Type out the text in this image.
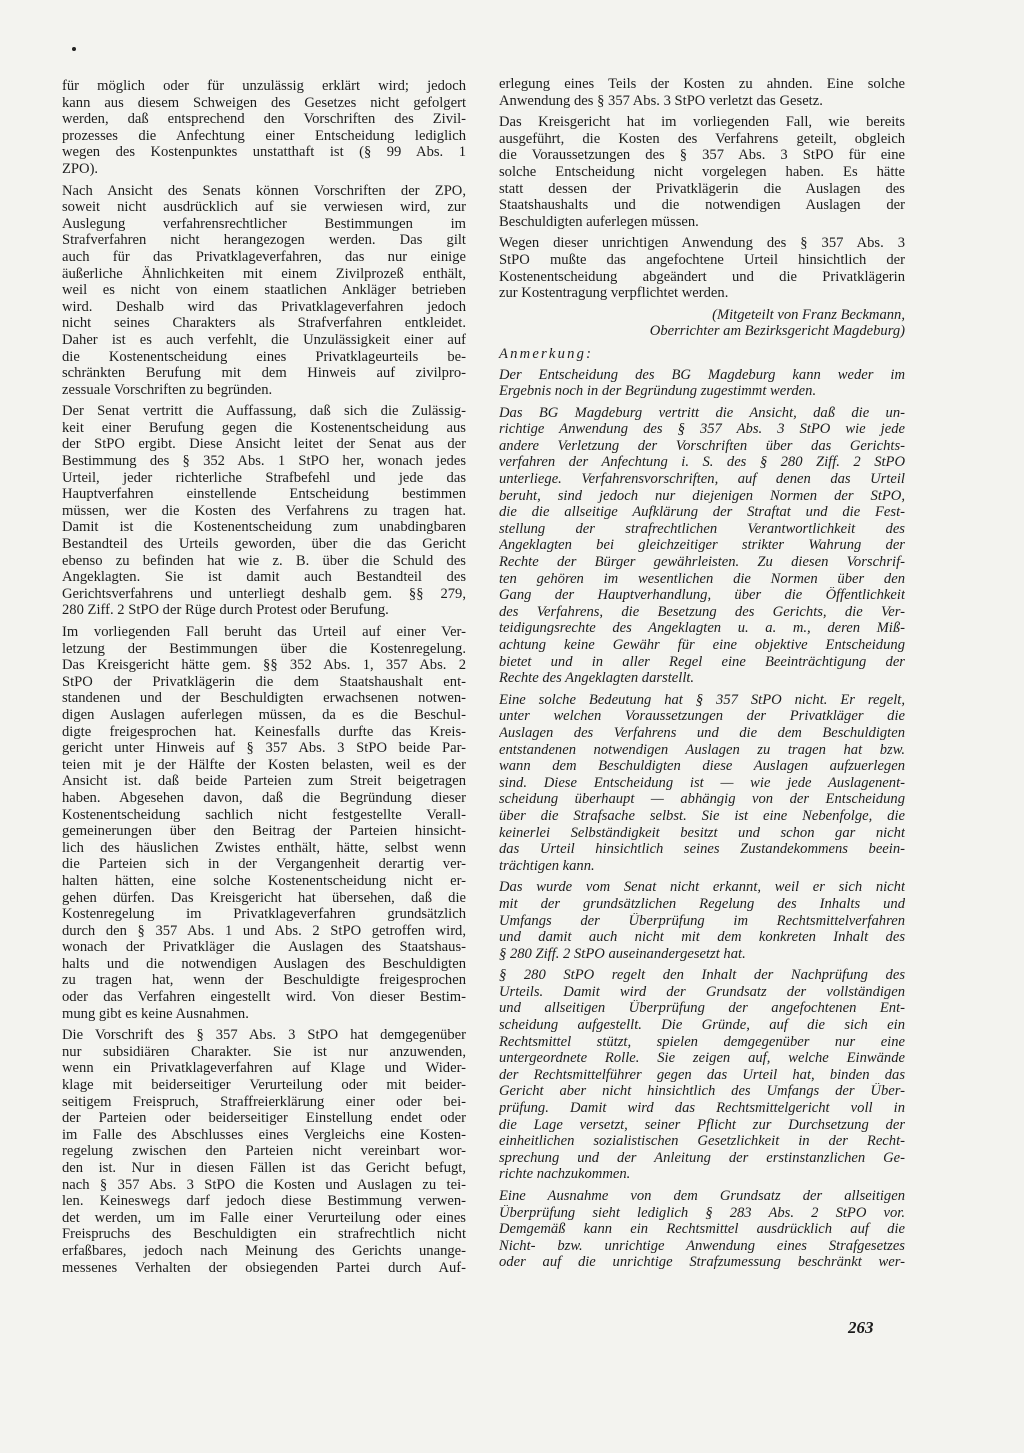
für möglich oder für unzulässig erklärt wird; jedoch
kann aus diesem Schweigen des Gesetzes nicht gefolgert
werden, daß entsprechend den Vorschriften des Zivil-
prozesses die Anfechtung einer Entscheidung lediglich
wegen des Kostenpunktes unstatthaft ist (§ 99 Abs. 1
ZPO).
Nach Ansicht des Senats können Vorschriften der ZPO,
soweit nicht ausdrücklich auf sie verwiesen wird, zur
Auslegung verfahrensrechtlicher Bestimmungen im
Strafverfahren nicht herangezogen werden. Das gilt
auch für das Privatklageverfahren, das nur einige
äußerliche Ähnlichkeiten mit einem Zivilprozeß enthält,
weil es nicht von einem staatlichen Ankläger betrieben
wird. Deshalb wird das Privatklageverfahren jedoch
nicht seines Charakters als Strafverfahren entkleidet.
Daher ist es auch verfehlt, die Unzulässigkeit einer auf
die Kostenentscheidung eines Privatklageurteils be-
schränkten Berufung mit dem Hinweis auf zivilpro-
zessuale Vorschriften zu begründen.
Der Senat vertritt die Auffassung, daß sich die Zulässig-
keit einer Berufung gegen die Kostenentscheidung aus
der StPO ergibt. Diese Ansicht leitet der Senat aus der
Bestimmung des § 352 Abs. 1 StPO her, wonach jedes
Urteil, jeder richterliche Strafbefehl und jede das
Hauptverfahren einstellende Entscheidung bestimmen
müssen, wer die Kosten des Verfahrens zu tragen hat.
Damit ist die Kostenentscheidung zum unabdingbaren
Bestandteil des Urteils geworden, über die das Gericht
ebenso zu befinden hat wie z. B. über die Schuld des
Angeklagten. Sie ist damit auch Bestandteil des
Gerichtsverfahrens und unterliegt deshalb gem. §§ 279,
280 Ziff. 2 StPO der Rüge durch Protest oder Berufung.
Im vorliegenden Fall beruht das Urteil auf einer Ver-
letzung der Bestimmungen über die Kostenregelung.
Das Kreisgericht hätte gem. §§ 352 Abs. 1, 357 Abs. 2
StPO der Privatklägerin die dem Staatshaushalt ent-
standenen und der Beschuldigten erwachsenen notwen-
digen Auslagen auferlegen müssen, da es die Beschul-
digte freigesprochen hat. Keinesfalls durfte das Kreis-
gericht unter Hinweis auf § 357 Abs. 3 StPO beide Par-
teien mit je der Hälfte der Kosten belasten, weil es der
Ansicht ist. daß beide Parteien zum Streit beigetragen
haben. Abgesehen davon, daß die Begründung dieser
Kostenentscheidung sachlich nicht festgestellte Verall-
gemeinerungen über den Beitrag der Parteien hinsicht-
lich des häuslichen Zwistes enthält, hätte, selbst wenn
die Parteien sich in der Vergangenheit derartig ver-
halten hätten, eine solche Kostenentscheidung nicht er-
gehen dürfen. Das Kreisgericht hat übersehen, daß die
Kostenregelung im Privatklageverfahren grundsätzlich
durch den § 357 Abs. 1 und Abs. 2 StPO getroffen wird,
wonach der Privatkläger die Auslagen des Staatshaus-
halts und die notwendigen Auslagen des Beschuldigten
zu tragen hat, wenn der Beschuldigte freigesprochen
oder das Verfahren eingestellt wird. Von dieser Bestim-
mung gibt es keine Ausnahmen.
Die Vorschrift des § 357 Abs. 3 StPO hat demgegenüber
nur subsidiären Charakter. Sie ist nur anzuwenden,
wenn ein Privatklageverfahren auf Klage und Wider-
klage mit beiderseitiger Verurteilung oder mit beider-
seitigem Freispruch, Straffreierklärung einer oder bei-
der Parteien oder beiderseitiger Einstellung endet oder
im Falle des Abschlusses eines Vergleichs eine Kosten-
regelung zwischen den Parteien nicht vereinbart wor-
den ist. Nur in diesen Fällen ist das Gericht befugt,
nach § 357 Abs. 3 StPO die Kosten und Auslagen zu tei-
len. Keineswegs darf jedoch diese Bestimmung verwen-
det werden, um im Falle einer Verurteilung oder eines
Freispruchs des Beschuldigten ein strafrechtlich nicht
erfaßbares, jedoch nach Meinung des Gerichts unange-
messenes Verhalten der obsiegenden Partei durch Auf-
erlegung eines Teils der Kosten zu ahnden. Eine solche
Anwendung des § 357 Abs. 3 StPO verletzt das Gesetz.
Das Kreisgericht hat im vorliegenden Fall, wie bereits
ausgeführt, die Kosten des Verfahrens geteilt, obgleich
die Voraussetzungen des § 357 Abs. 3 StPO für eine
solche Entscheidung nicht vorgelegen haben. Es hätte
statt dessen der Privatklägerin die Auslagen des
Staatshaushalts und die notwendigen Auslagen der
Beschuldigten auferlegen müssen.
Wegen dieser unrichtigen Anwendung des § 357 Abs. 3
StPO mußte das angefochtene Urteil hinsichtlich der
Kostenentscheidung abgeändert und die Privatklägerin
zur Kostentragung verpflichtet werden.
(Mitgeteilt von Franz Beckmann,
Oberrichter am Bezirksgericht Magdeburg)
Anmerkung:
Der Entscheidung des BG Magdeburg kann weder im
Ergebnis noch in der Begründung zugestimmt werden.
Das BG Magdeburg vertritt die Ansicht, daß die un-
richtige Anwendung des § 357 Abs. 3 StPO wie jede
andere Verletzung der Vorschriften über das Gerichts-
verfahren der Anfechtung i. S. des § 280 Ziff. 2 StPO
unterliege. Verfahrensvorschriften, auf denen das Urteil
beruht, sind jedoch nur diejenigen Normen der StPO,
die die allseitige Aufklärung der Straftat und die Fest-
stellung der strafrechtlichen Verantwortlichkeit des
Angeklagten bei gleichzeitiger strikter Wahrung der
Rechte der Bürger gewährleisten. Zu diesen Vorschrif-
ten gehören im wesentlichen die Normen über den
Gang der Hauptverhandlung, über die Öffentlichkeit
des Verfahrens, die Besetzung des Gerichts, die Ver-
teidigungsrechte des Angeklagten u. a. m., deren Miß-
achtung keine Gewähr für eine objektive Entscheidung
bietet und in aller Regel eine Beeinträchtigung der
Rechte des Angeklagten darstellt.
Eine solche Bedeutung hat § 357 StPO nicht. Er regelt,
unter welchen Voraussetzungen der Privatkläger die
Auslagen des Verfahrens und die dem Beschuldigten
entstandenen notwendigen Auslagen zu tragen hat bzw.
wann dem Beschuldigten diese Auslagen aufzuerlegen
sind. Diese Entscheidung ist — wie jede Auslagenent-
scheidung überhaupt — abhängig von der Entscheidung
über die Strafsache selbst. Sie ist eine Nebenfolge, die
keinerlei Selbständigkeit besitzt und schon gar nicht
das Urteil hinsichtlich seines Zustandekommens beein-
trächtigen kann.
Das wurde vom Senat nicht erkannt, weil er sich nicht
mit der grundsätzlichen Regelung des Inhalts und
Umfangs der Überprüfung im Rechtsmittelverfahren
und damit auch nicht mit dem konkreten Inhalt des
§ 280 Ziff. 2 StPO auseinandergesetzt hat.
§ 280 StPO regelt den Inhalt der Nachprüfung des
Urteils. Damit wird der Grundsatz der vollständigen
und allseitigen Überprüfung der angefochtenen Ent-
scheidung aufgestellt. Die Gründe, auf die sich ein
Rechtsmittel stützt, spielen demgegenüber nur eine
untergeordnete Rolle. Sie zeigen auf, welche Einwände
der Rechtsmittelführer gegen das Urteil hat, binden das
Gericht aber nicht hinsichtlich des Umfangs der Über-
prüfung. Damit wird das Rechtsmittelgericht voll in
die Lage versetzt, seiner Pflicht zur Durchsetzung der
einheitlichen sozialistischen Gesetzlichkeit in der Recht-
sprechung und der Anleitung der erstinstanzlichen Ge-
richte nachzukommen.
Eine Ausnahme von dem Grundsatz der allseitigen
Überprüfung sieht lediglich § 283 Abs. 2 StPO vor.
Demgemäß kann ein Rechtsmittel ausdrücklich auf die
Nicht- bzw. unrichtige Anwendung eines Strafgesetzes
oder auf die unrichtige Strafzumessung beschränkt wer-
263
